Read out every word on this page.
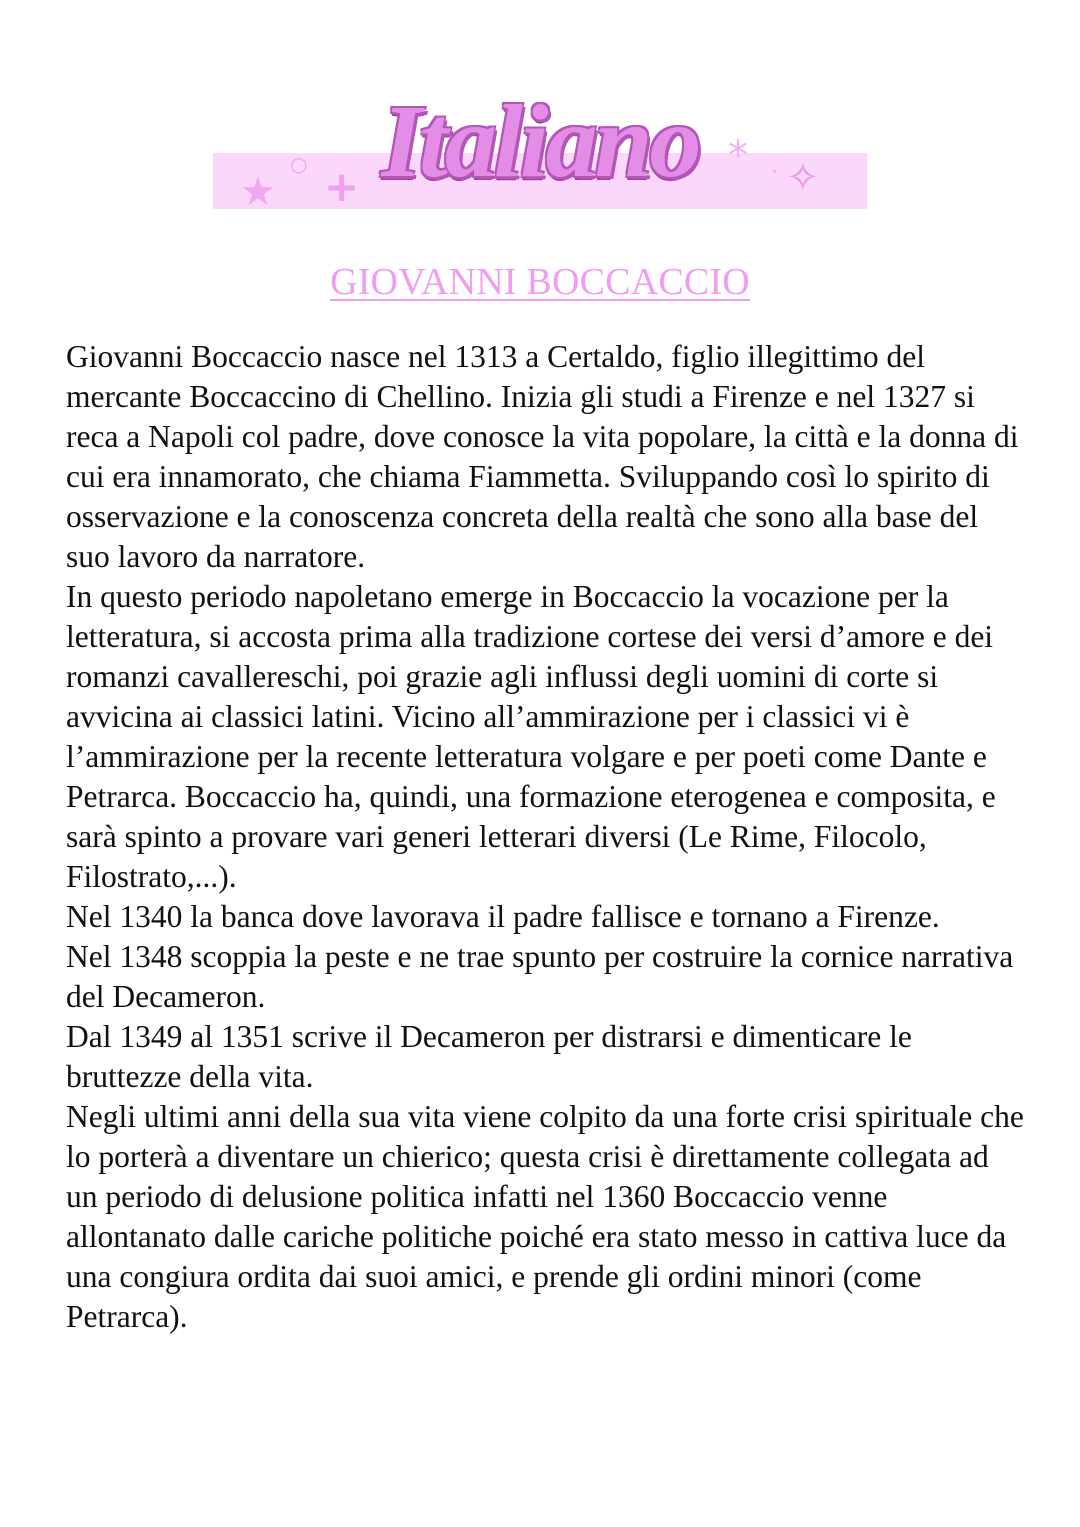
★
○ + Italiano * · ✧
GIOVANNI BOCCACCIO

Giovanni Boccaccio nasce nel 1313 a Certaldo, figlio illegittimo del mercante Boccaccino di Chellino. Inizia gli studi a Firenze e nel 1327 si reca a Napoli col padre, dove conosce la vita popolare, la città e la donna di cui era innamorato, che chiama Fiammetta. Sviluppando così lo spirito di osservazione e la conoscenza concreta della realtà che sono alla base del suo lavoro da narratore.

In questo periodo napoletano emerge in Boccaccio la vocazione per la letteratura, si accosta prima alla tradizione cortese dei versi d’amore e dei romanzi cavallereschi, poi grazie agli influssi degli uomini di corte si avvicina ai classici latini. Vicino all’ammirazione per i classici vi è l’ammirazione per la recente letteratura volgare e per poeti come Dante e Petrarca. Boccaccio ha, quindi, una formazione eterogenea e composita, e sarà spinto a provare vari generi letterari diversi (Le Rime, Filocolo, Filostrato,...).

Nel 1340 la banca dove lavorava il padre fallisce e tornano a Firenze.

Nel 1348 scoppia la peste e ne trae spunto per costruire la cornice narrativa del Decameron.

Dal 1349 al 1351 scrive il Decameron per distrarsi e dimenticare le bruttezze della vita.

Negli ultimi anni della sua vita viene colpito da una forte crisi spirituale che lo porterà a diventare un chierico; questa crisi è direttamente collegata ad un periodo di delusione politica infatti nel 1360 Boccaccio venne allontanato dalle cariche politiche poiché era stato messo in cattiva luce da una congiura ordita dai suoi amici, e prende gli ordini minori (come Petrarca).
